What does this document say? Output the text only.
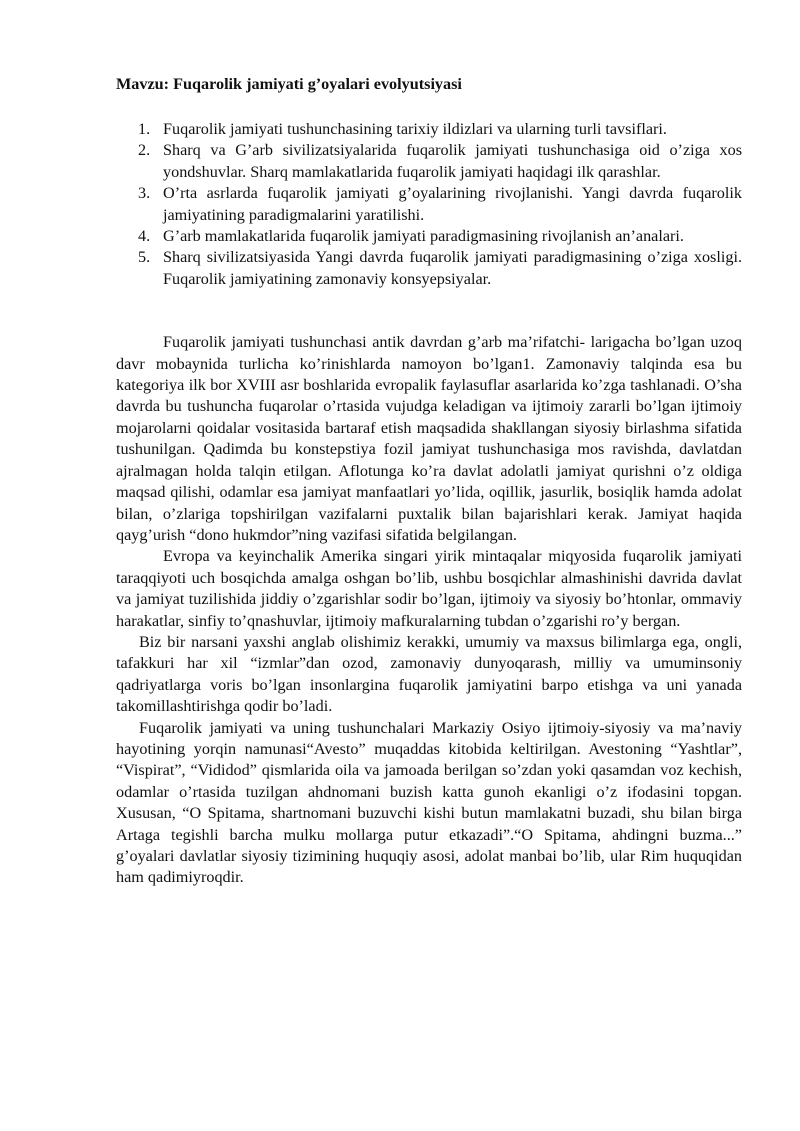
Mavzu: Fuqarolik jamiyati g’oyalari evolyutsiyasi

1. Fuqarolik jamiyati tushunchasining tarixiy ildizlari va ularning turli tavsiflari.
2. Sharq va G’arb sivilizatsiyalarida fuqarolik jamiyati tushunchasiga oid o’ziga xos yondshuvlar. Sharq mamlakatlarida fuqarolik jamiyati haqidagi ilk qarashlar.
3. O’rta asrlarda fuqarolik jamiyati g’oyalarining rivojlanishi. Yangi davrda fuqarolik jamiyatining paradigmalarini yaratilishi.
4. G’arb mamlakatlarida fuqarolik jamiyati paradigmasining rivojlanish an’analari.
5. Sharq sivilizatsiyasida Yangi davrda fuqarolik jamiyati paradigmasining o’ziga xosligi. Fuqarolik jamiyatining zamonaviy konsyepsiyalar.

Fuqarolik jamiyati tushunchasi antik davrdan g’arb ma’rifatchi- larigacha bo’lgan uzoq davr mobaynida turlicha ko’rinishlarda namoyon bo’lgan1. Zamonaviy talqinda esa bu kategoriya ilk bor XVIII asr boshlarida evropalik faylasuflar asarlarida ko’zga tashlanadi. O’sha davrda bu tushuncha fuqarolar o’rtasida vujudga keladigan va ijtimoiy zararli bo’lgan ijtimoiy mojarolarni qoidalar vositasida bartaraf etish maqsadida shakllangan siyosiy birlashma sifatida tushunilgan. Qadimda bu konstepstiya fozil jamiyat tushunchasiga mos ravishda, davlatdan ajralmagan holda talqin etilgan. Aflotunga ko’ra davlat adolatli jamiyat qurishni o’z oldiga maqsad qilishi, odamlar esa jamiyat manfaatlari yo’lida, oqillik, jasurlik, bosiqlik hamda adolat bilan, o’zlariga topshirilgan vazifalarni puxtalik bilan bajarishlari kerak. Jamiyat haqida qayg’urish “dono hukmdor”ning vazifasi sifatida belgilangan.

Evropa va keyinchalik Amerika singari yirik mintaqalar miqyosida fuqarolik jamiyati taraqqiyoti uch bosqichda amalga oshgan bo’lib, ushbu bosqichlar almashinishi davrida davlat va jamiyat tuzilishida jiddiy o’zgarishlar sodir bo’lgan, ijtimoiy va siyosiy bo’htonlar, ommaviy harakatlar, sinfiy to’qnashuvlar, ijtimoiy mafkuralarning tubdan o’zgarishi ro’y bergan.

Biz bir narsani yaxshi anglab olishimiz kerakki, umumiy va maxsus bilimlarga ega, ongli, tafakkuri har xil “izmlar”dan ozod, zamonaviy dunyoqarash, milliy va umuminsoniy qadriyatlarga voris bo’lgan insonlargina fuqarolik jamiyatini barpo etishga va uni yanada takomillashtirishga qodir bo’ladi.

Fuqarolik jamiyati va uning tushunchalari Markaziy Osiyo ijtimoiy-siyosiy va ma’naviy hayotining yorqin namunasi“Avesto” muqaddas kitobida keltirilgan. Avestoning “Yashtlar”, “Vispirat”, “Vididod” qismlarida oila va jamoada berilgan so’zdan yoki qasamdan voz kechish, odamlar o’rtasida tuzilgan ahdnomani buzish katta gunoh ekanligi o’z ifodasini topgan. Xususan, “O Spitama, shartnomani buzuvchi kishi butun mamlakatni buzadi, shu bilan birga Artaga tegishli barcha mulku mollarga putur etkazadi”.“O Spitama, ahdingni buzma...” g’oyalari davlatlar siyosiy tizimining huquqiy asosi, adolat manbai bo’lib, ular Rim huquqidan ham qadimiyroqdir.
